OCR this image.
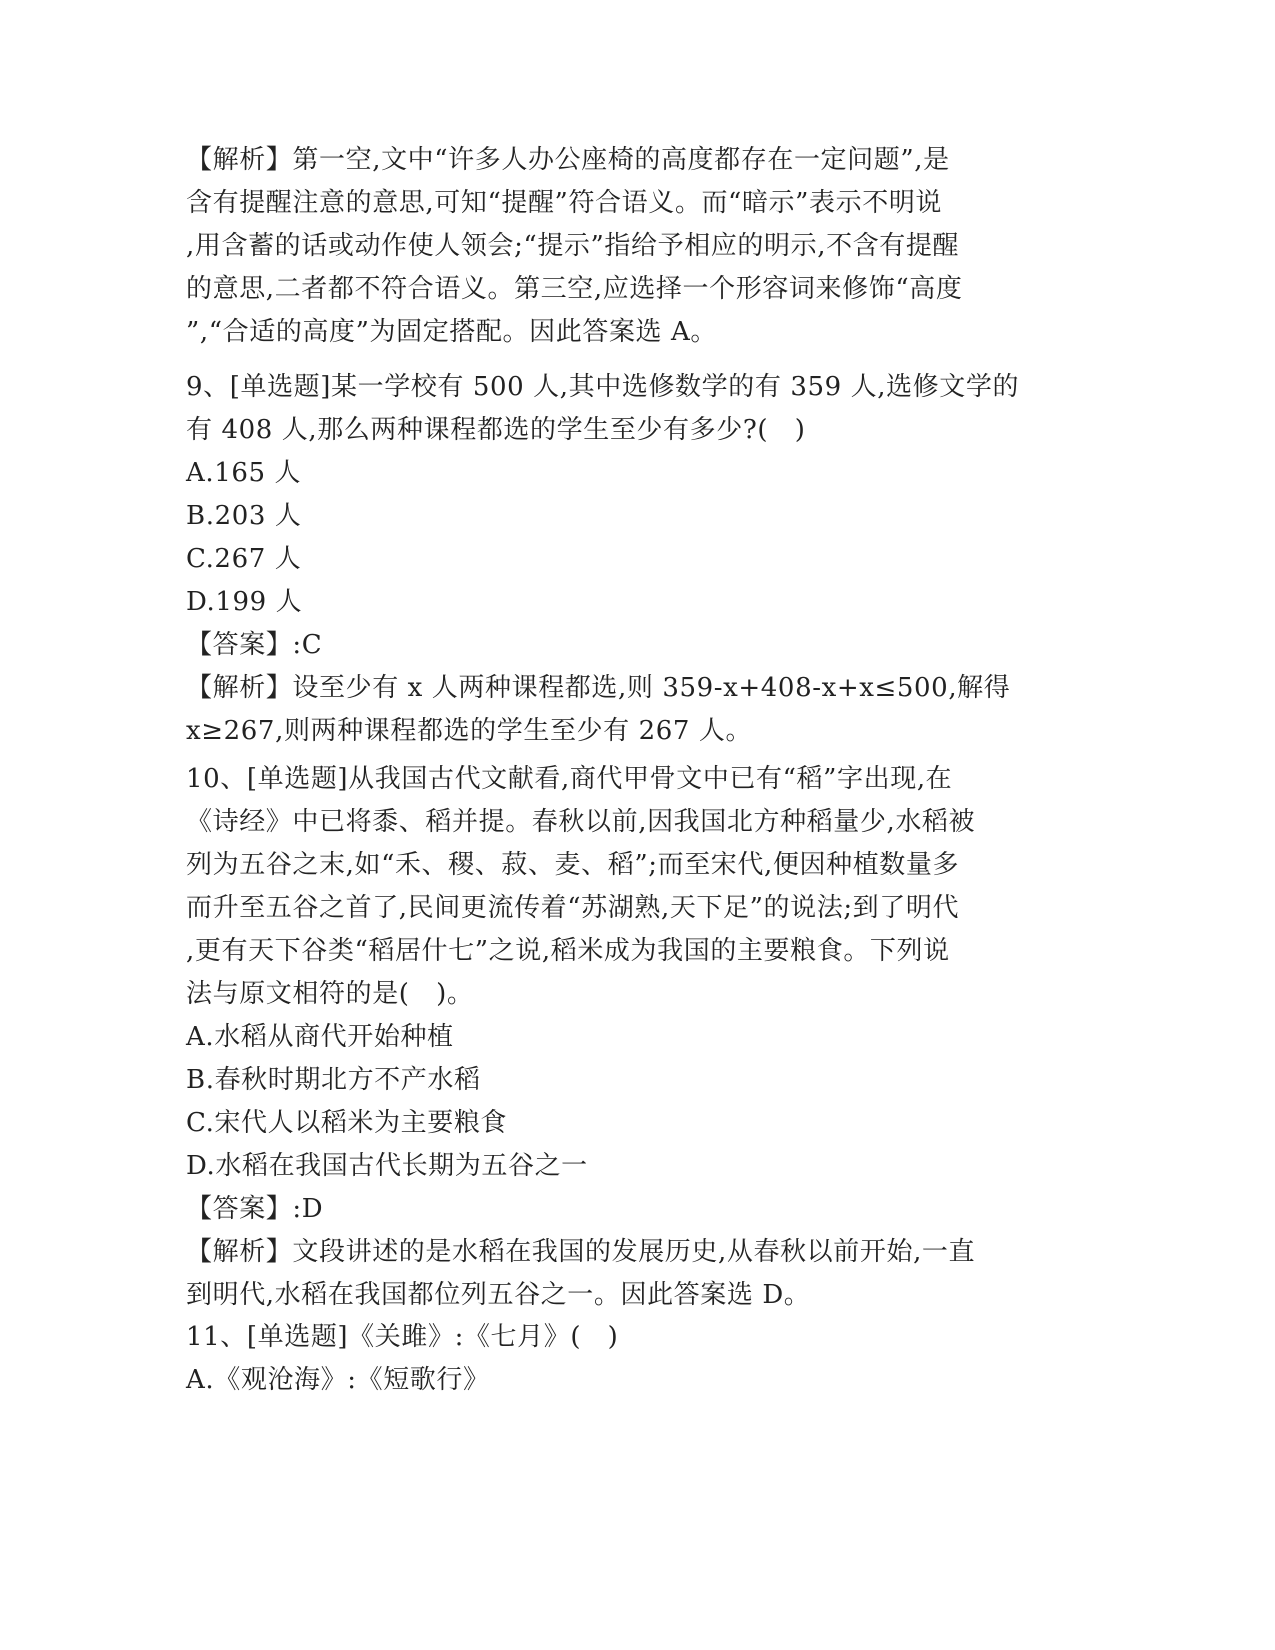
【解析】第一空,文中“许多人办公座椅的高度都存在一定问题”,是
含有提醒注意的意思,可知“提醒”符合语义。而“暗示”表示不明说
,用含蓄的话或动作使人领会;“提示”指给予相应的明示,不含有提醒
的意思,二者都不符合语义。第三空,应选择一个形容词来修饰“高度
”,“合适的高度”为固定搭配。因此答案选 A。
9、[单选题]某一学校有 500 人,其中选修数学的有 359 人,选修文学的
有 408 人,那么两种课程都选的学生至少有多少?(　)
A.165 人
B.203 人
C.267 人
D.199 人
【答案】:C
【解析】设至少有 x 人两种课程都选,则 359-x+408-x+x≤500,解得
x≥267,则两种课程都选的学生至少有 267 人。
10、[单选题]从我国古代文献看,商代甲骨文中已有“稻”字出现,在
《诗经》中已将黍、稻并提。春秋以前,因我国北方种稻量少,水稻被
列为五谷之末,如“禾、稷、菽、麦、稻”;而至宋代,便因种植数量多
而升至五谷之首了,民间更流传着“苏湖熟,天下足”的说法;到了明代
,更有天下谷类“稻居什七”之说,稻米成为我国的主要粮食。下列说
法与原文相符的是(　)。
A.水稻从商代开始种植
B.春秋时期北方不产水稻
C.宋代人以稻米为主要粮食
D.水稻在我国古代长期为五谷之一
【答案】:D
【解析】文段讲述的是水稻在我国的发展历史,从春秋以前开始,一直
到明代,水稻在我国都位列五谷之一。因此答案选 D。
11、[单选题]《关雎》:《七月》(　)
A.《观沧海》:《短歌行》
